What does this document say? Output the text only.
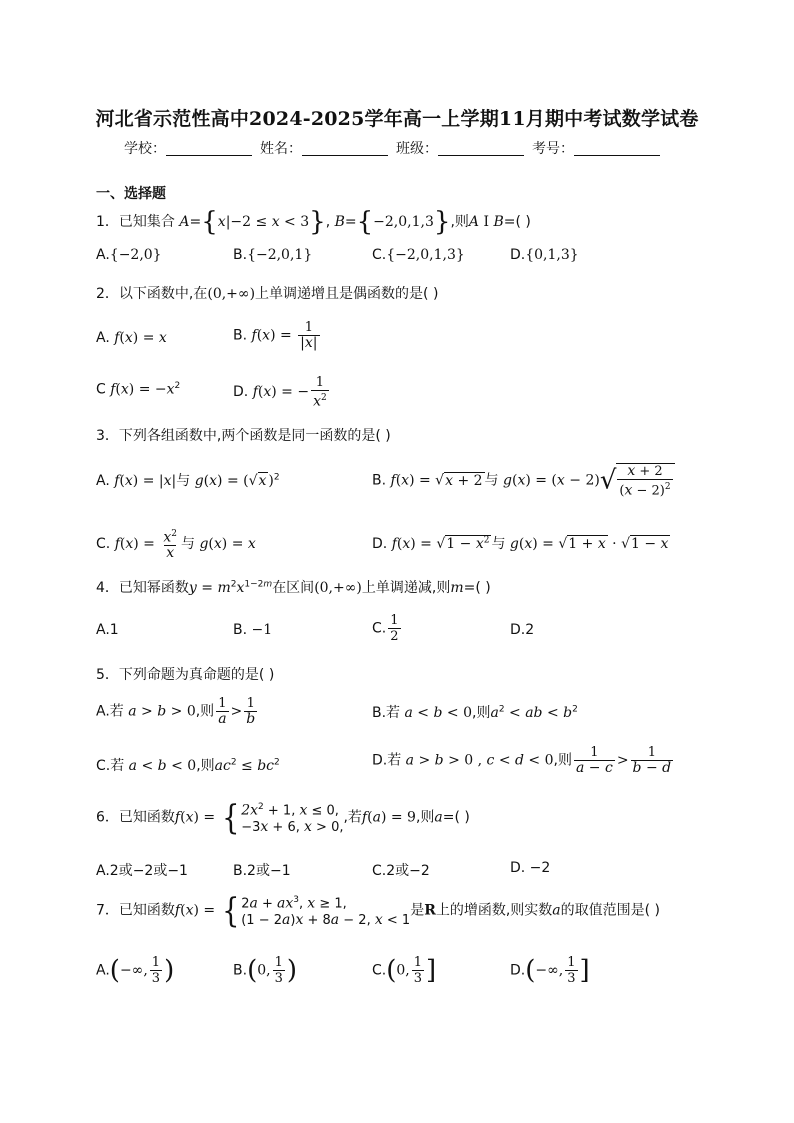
河北省示范性高中2024-2025学年高一上学期11月期中考试数学试卷
学校：	姓名：	班级：	考号：
一、选择题
1．已知集合 A={x|−2 ≤ x < 3}, B={−2,0,1,3},则A I B=( )
A.{−2,0}	B.{−2,0,1}	C.{−2,0,1,3}	D.{0,1,3}
2．以下函数中,在(0,+∞)上单调递增且是偶函数的是( )
A. f(x) = x	B. $f(x) = \frac{1}{|x|}$
C $f(x) = -x^2$	D. f(x) = − $\frac{1}{x^2}$
3．下列各组函数中,两个函数是同一函数的是( )
A. f(x) = |x|与 g(x) = (√x )$^2$	B. f(x) = √x + 2 与 $g(x) = (x - 2)√ \frac{x + 2}{(x - 2)^2}$
C. $f(x) = \frac{x^2}{x}$ 与 g(x) = x	D. $f(x) = √1 - x^2$ 与 g(x) = √1 + x · √1 − x
4．已知幂函数$y = m^2x^{1-2m}$在区间(0,+∞)上单调递减,则m=( )
A.1	B. −1	C. $\frac{1}{2}$	D.2
5．下列命题为真命题的是( )
A.若 a > b > 0,则 $\frac{1}{a} > \frac{1}{b}$	B.若 a < b < 0,则$a^2$ < ab < $b^2$
C.若 a < b < 0,则$ac^2 \le bc^2$	D.若 a > b > 0 , c < d < 0,则 $\frac{1}{a - c} > \frac{1}{b - d}$
6．已知函数f(x) = { $2x^2 + 1$, x ≤ 0,
−3x + 6, x > 0,
,若f(a) = 9,则a=( )
A.2或−2或−1	B.2或−1	C.2或−2	D. −2
7．已知函数f(x) = { $2a + ax^3$, x ≥ 1,
(1 − 2a)x + 8a − 2, x < 1
是R上的增函数,则实数a的取值范围是( )
A.(−∞, $\frac{1}{3}$ )	B.(0, $\frac{1}{3}$ )	C.(0, $\frac{1}{3}$ ]	D.(−∞, $\frac{1}{3}$ ]
